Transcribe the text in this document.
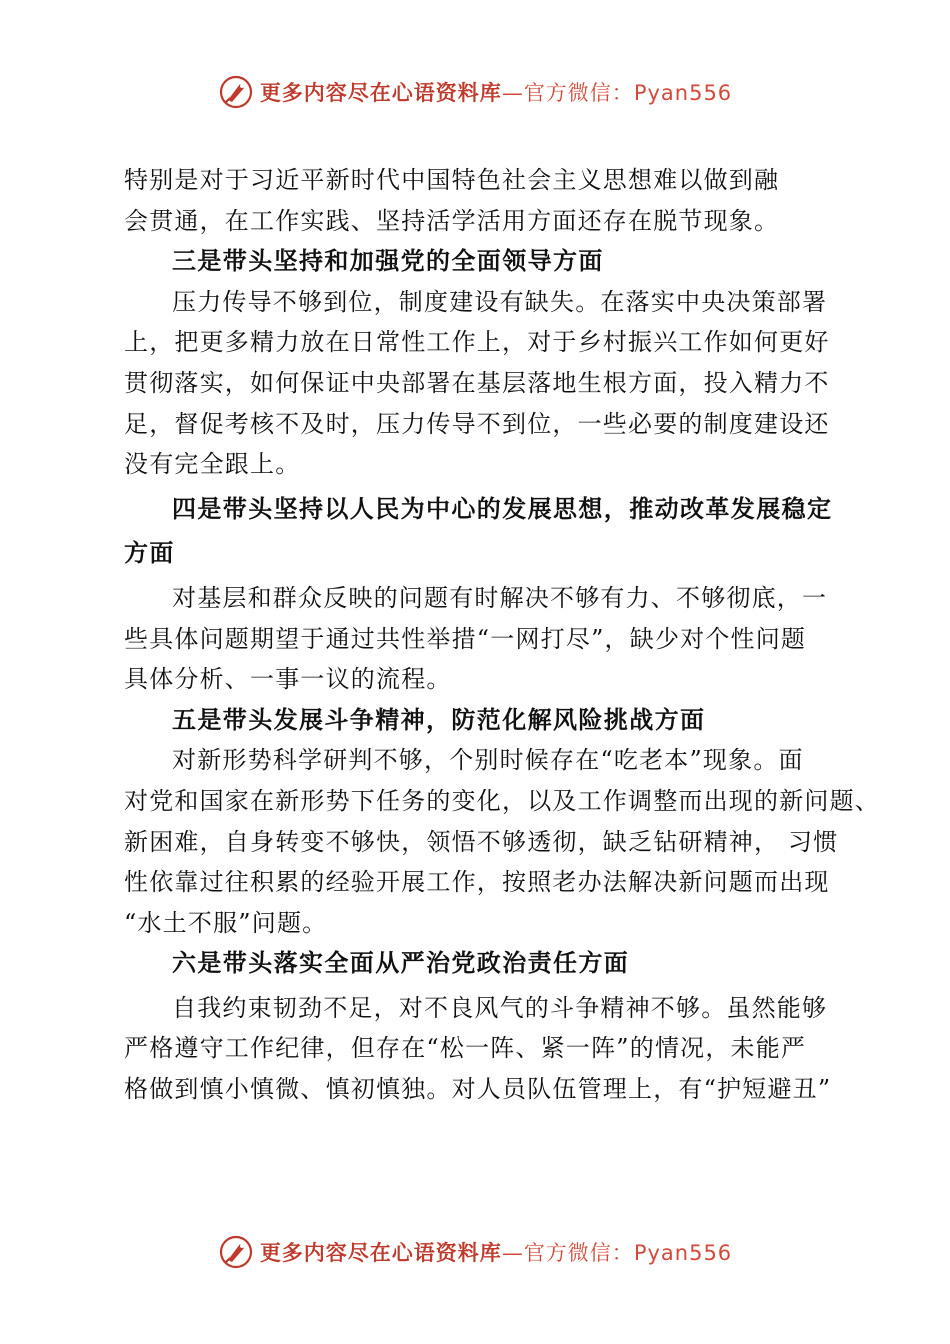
更多内容尽在心语资料库—官方微信：Pyan556
特别是对于习近平新时代中国特色社会主义思想难以做到融
会贯通，在工作实践、坚持活学活用方面还存在脱节现象。
三是带头坚持和加强党的全面领导方面
压力传导不够到位，制度建设有缺失。在落实中央决策部署
上，把更多精力放在日常性工作上，对于乡村振兴工作如何更好
贯彻落实，如何保证中央部署在基层落地生根方面，投入精力不
足，督促考核不及时，压力传导不到位，一些必要的制度建设还
没有完全跟上。
四是带头坚持以人民为中心的发展思想，推动改革发展稳定
方面
对基层和群众反映的问题有时解决不够有力、不够彻底，一
些具体问题期望于通过共性举措“一网打尽”，缺少对个性问题
具体分析、一事一议的流程。
五是带头发展斗争精神，防范化解风险挑战方面
对新形势科学研判不够，个别时候存在“吃老本”现象。面
对党和国家在新形势下任务的变化，以及工作调整而出现的新问题、
新困难，自身转变不够快，领悟不够透彻，缺乏钻研精神， 习惯
性依靠过往积累的经验开展工作，按照老办法解决新问题而出现
“水土不服”问题。
六是带头落实全面从严治党政治责任方面
自我约束韧劲不足，对不良风气的斗争精神不够。虽然能够
严格遵守工作纪律，但存在“松一阵、紧一阵”的情况，未能严
格做到慎小慎微、慎初慎独。对人员队伍管理上，有“护短避丑”
更多内容尽在心语资料库—官方微信：Pyan556
